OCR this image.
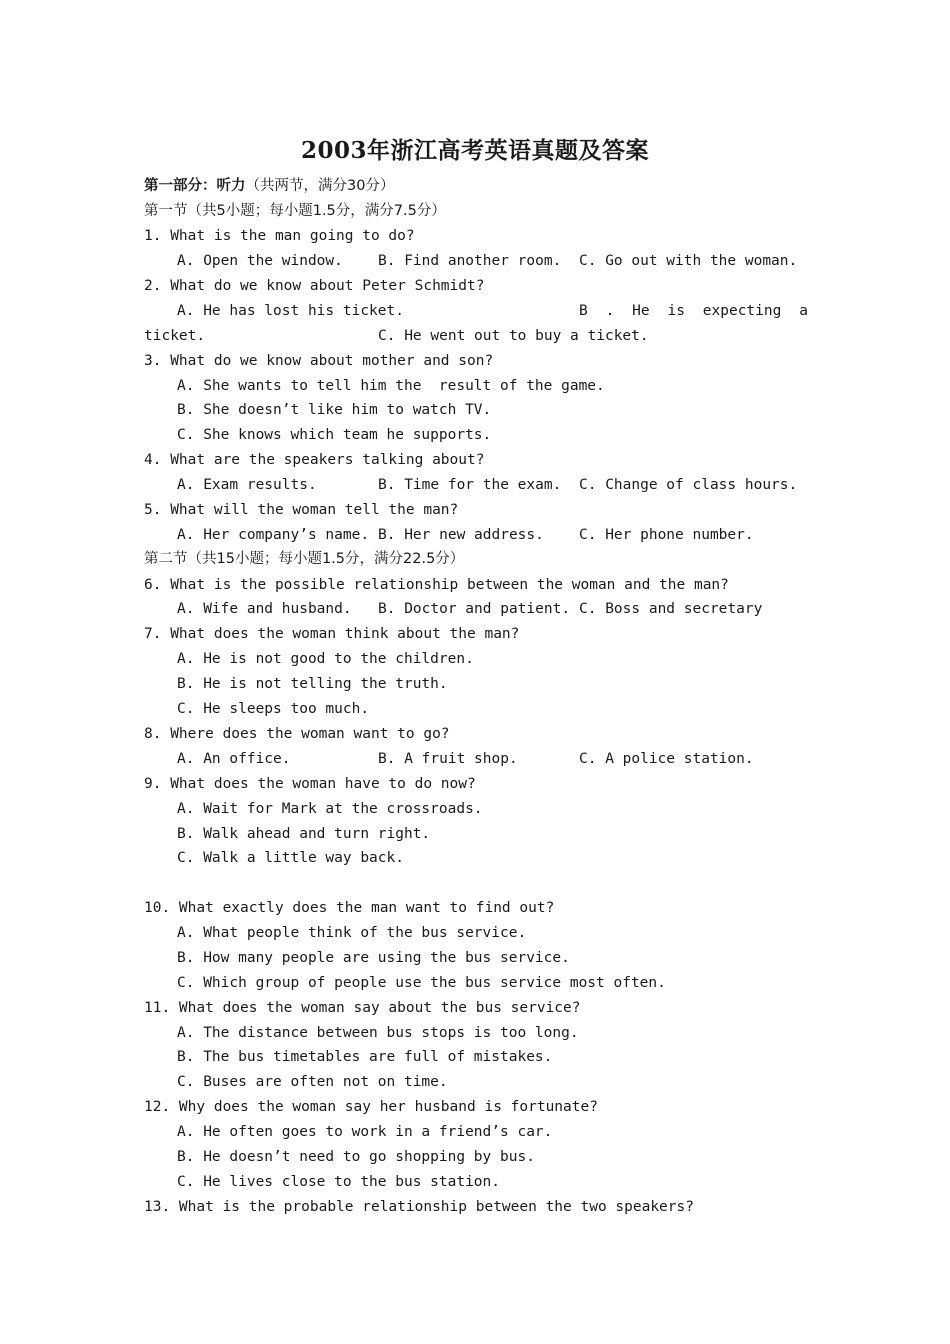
2003年浙江高考英语真题及答案
第一部分：听力（共两节，满分30分）
第一节（共5小题；每小题1.5分，满分7.5分）
1. What is the man going to do?
A. Open the window. B. Find another room. C. Go out with the woman.
2. What do we know about Peter Schmidt?
A. He has lost his ticket.	B . He is expecting a
ticket.	C. He went out to buy a ticket.
3. What do we know about mother and son?
A. She wants to tell him the  result of the game.
B. She doesn’t like him to watch TV.
C. She knows which team he supports.
4. What are the speakers talking about?
A. Exam results.	B. Time for the exam. C. Change of class hours.
5. What will the woman tell the man?
A. Her company’s name. B. Her new address. C. Her phone number.
第二节（共15小题；每小题1.5分，满分22.5分）
6. What is the possible relationship between the woman and the man?
A. Wife and husband. B. Doctor and patient. C. Boss and secretary
7. What does the woman think about the man?
A. He is not good to the children.
B. He is not telling the truth.
C. He sleeps too much.
8. Where does the woman want to go?
A. An office.	B. A fruit shop.	C. A police station.
9. What does the woman have to do now?
A. Wait for Mark at the crossroads.
B. Walk ahead and turn right.
C. Walk a little way back.
10. What exactly does the man want to find out?
A. What people think of the bus service.
B. How many people are using the bus service.
C. Which group of people use the bus service most often.
11. What does the woman say about the bus service?
A. The distance between bus stops is too long.
B. The bus timetables are full of mistakes.
C. Buses are often not on time.
12. Why does the woman say her husband is fortunate?
A. He often goes to work in a friend’s car.
B. He doesn’t need to go shopping by bus.
C. He lives close to the bus station.
13. What is the probable relationship between the two speakers?
